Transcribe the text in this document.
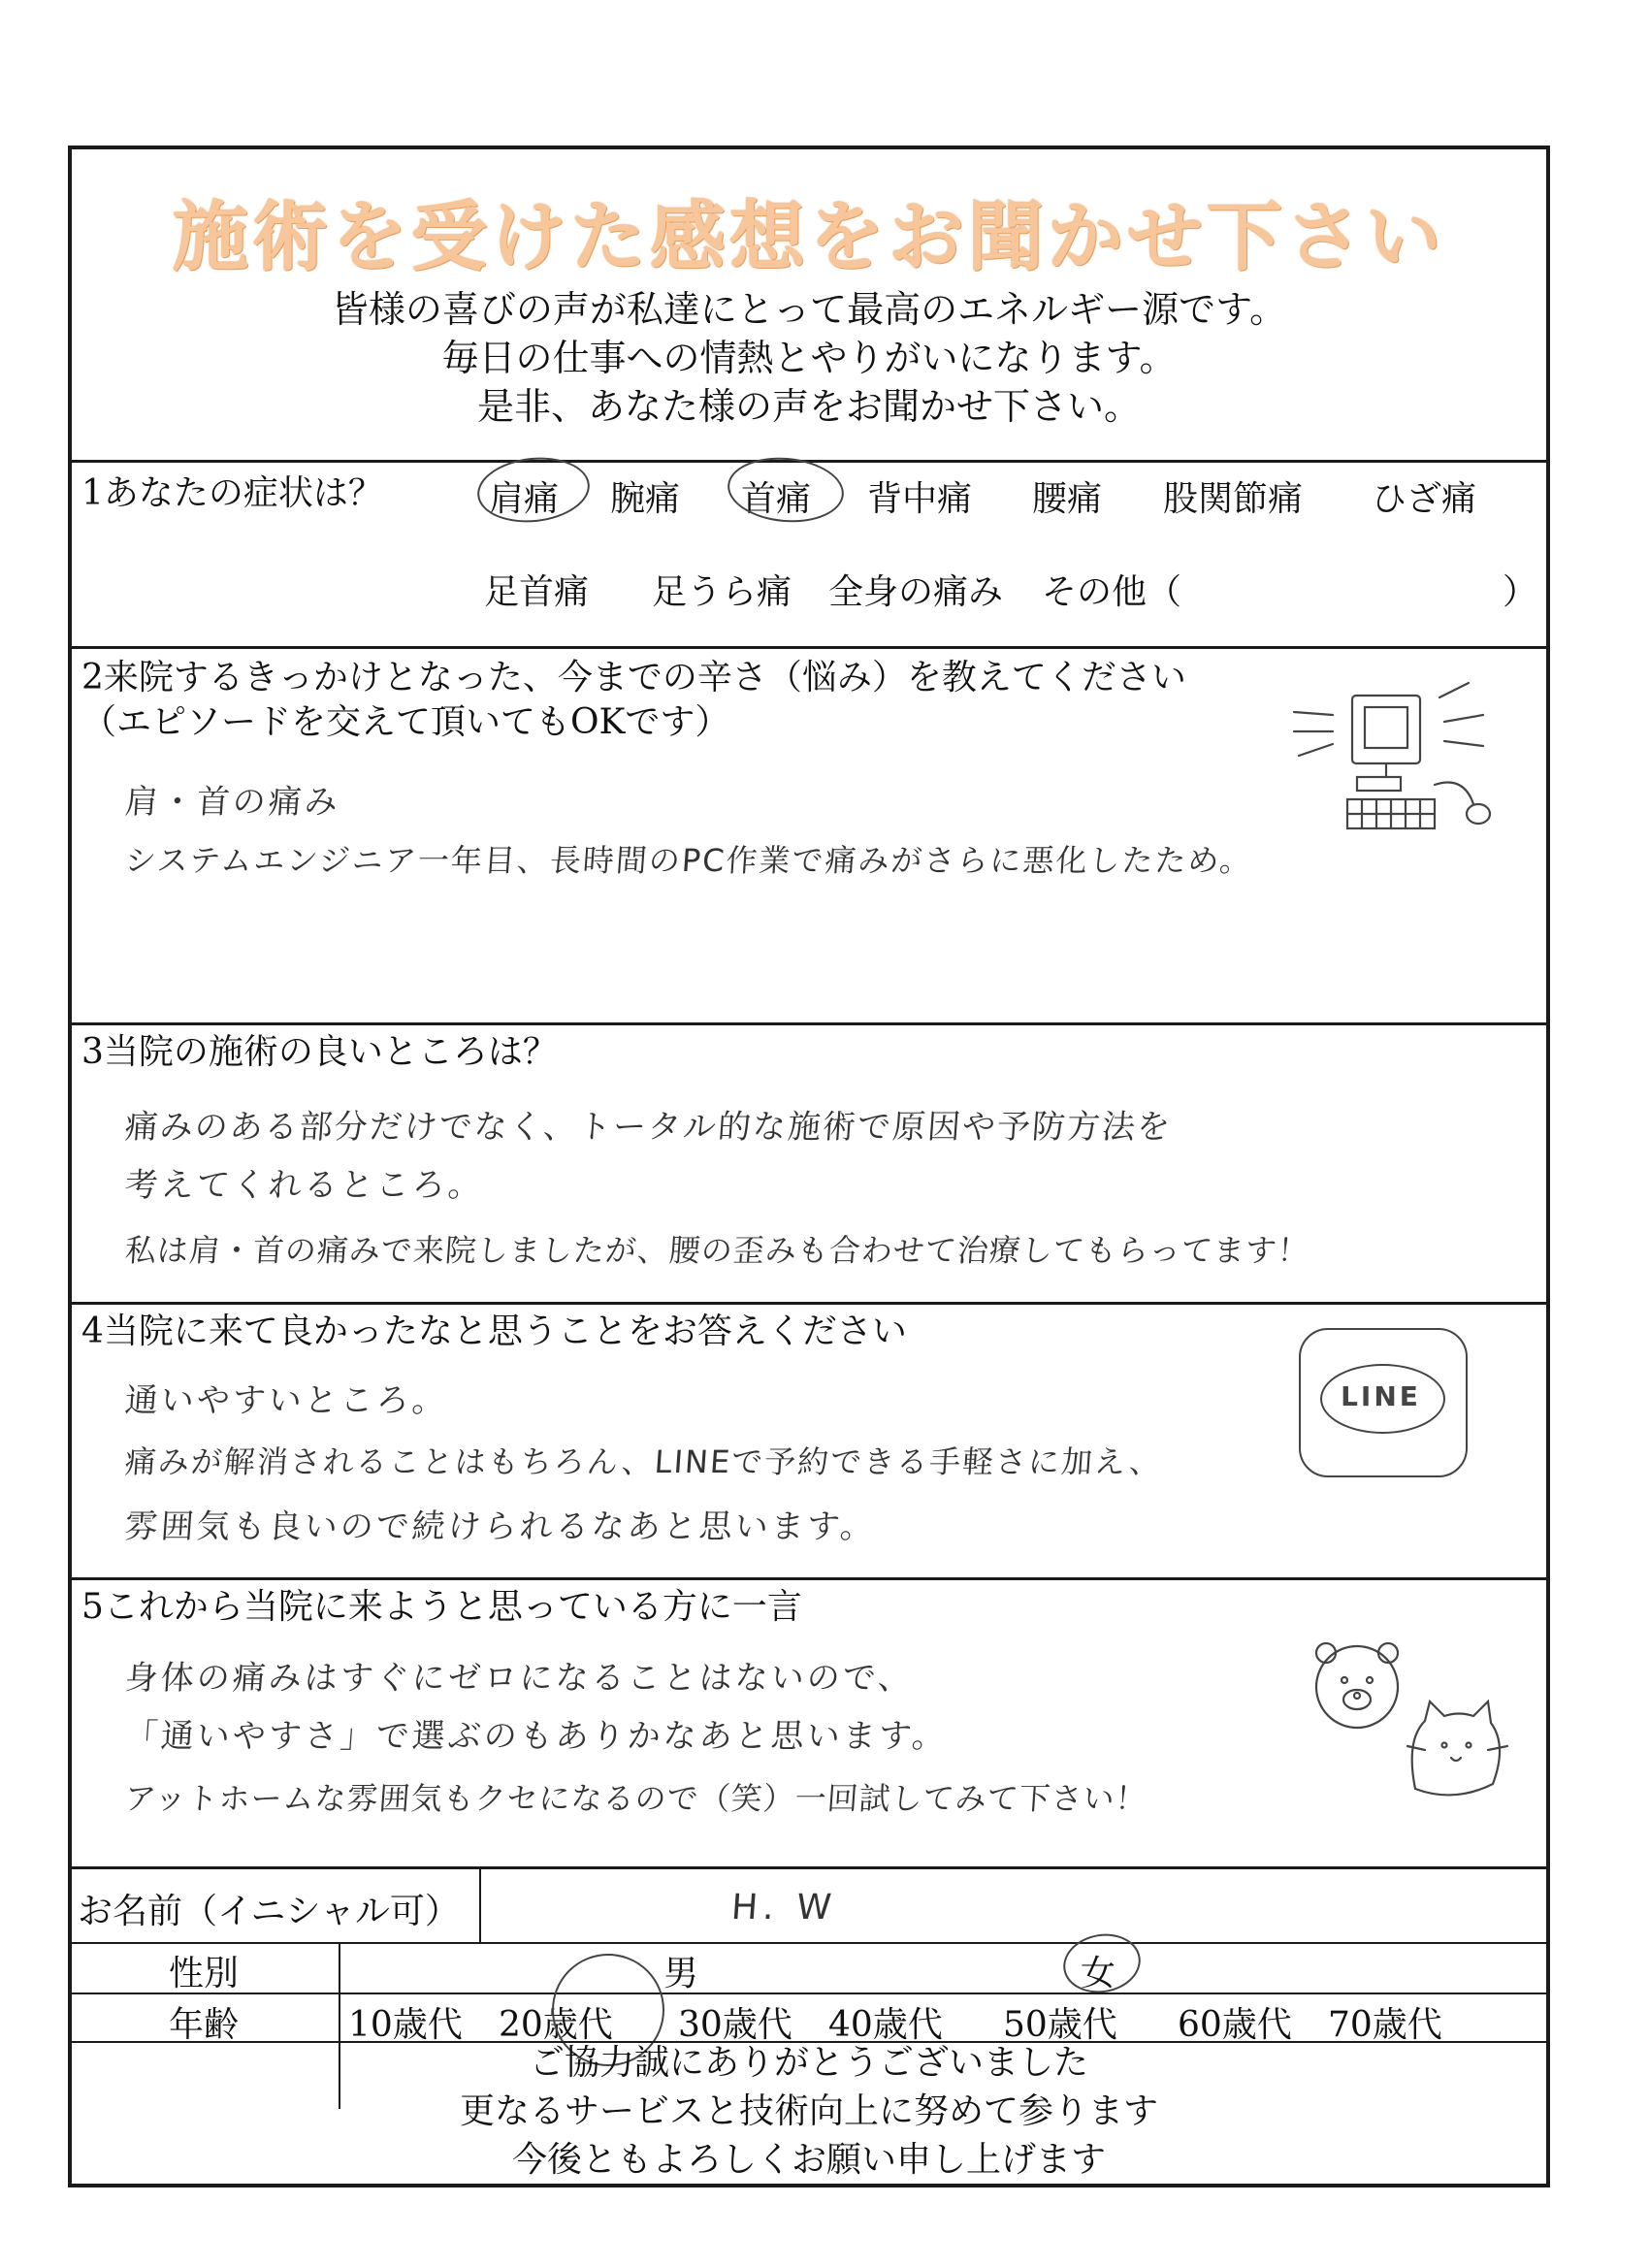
施術を受けた感想をお聞かせ下さい
皆様の喜びの声が私達にとって最高のエネルギー源です。
毎日の仕事への情熱とやりがいになります。
是非、あなた様の声をお聞かせ下さい。
1あなたの症状は？	肩痛 腕痛 首痛 背中痛 腰痛 股関節痛 ひざ痛
足首痛 足うら痛 全身の痛み その他（	）
2来院するきっかけとなった、今までの辛さ（悩み）を教えてください
（エピソードを交えて頂いてもOKです）
肩・首の痛み
システムエンジニア一年目、長時間のPC作業で痛みがさらに悪化したため。
3当院の施術の良いところは？
痛みのある部分だけでなく、トータル的な施術で原因や予防方法を
考えてくれるところ。
私は肩・首の痛みで来院しましたが、腰の歪みも合わせて治療してもらってます！
4当院に来て良かったなと思うことをお答えください
通いやすいところ。
痛みが解消されることはもちろん、LINEで予約できる手軽さに加え、
雰囲気も良いので続けられるなあと思います。
LINE
5これから当院に来ようと思っている方に一言
身体の痛みはすぐにゼロになることはないので、
「通いやすさ」で選ぶのもありかなあと思います。
アットホームな雰囲気もクセになるので（笑）一回試してみて下さい！
お名前（イニシャル可）	H. W
性別	男	女
年齢	10歳代 20歳代 30歳代 40歳代 50歳代 60歳代 70歳代
ご協力誠にありがとうございました
更なるサービスと技術向上に努めて参ります
今後ともよろしくお願い申し上げます
